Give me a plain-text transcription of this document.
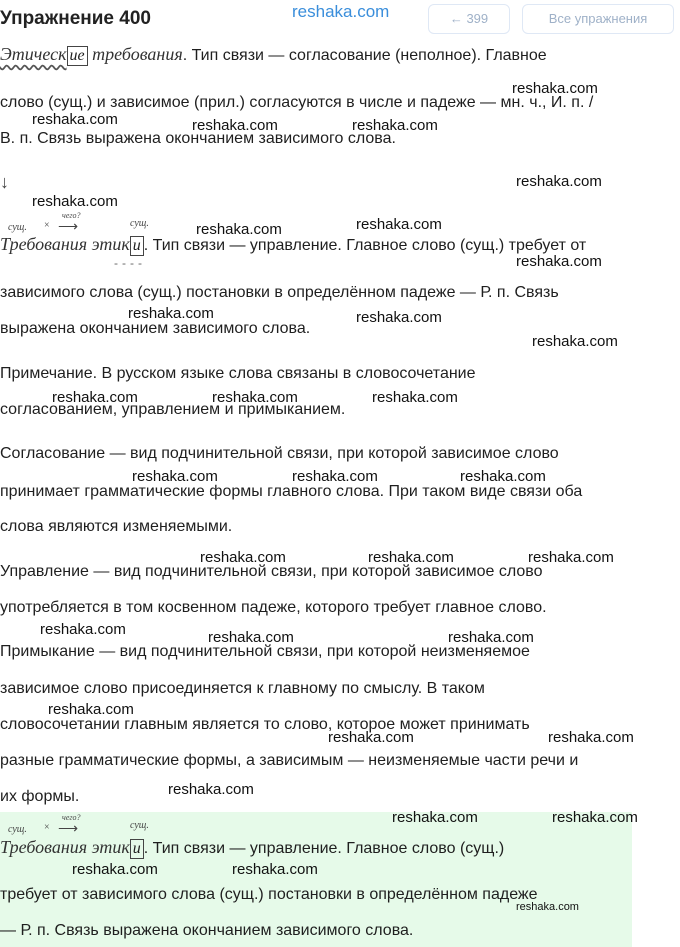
Упражнение 400	reshaka.com	← 399	Все упражнения
Этическ ие требования. Тип связи — согласование (неполное). Главное
слово (сущ.) и зависимое (прил.) согласуются в числе и падеже — мн. ч., И. п. /
В. п. Связь выражена окончанием зависимого слова.
↓
сущ. ×
чего?
⟶	сущ.
Требования этик и . Тип связи — управление. Главное слово (сущ.) требует от
----
зависимого слова (сущ.) постановки в определённом падеже — Р. п. Связь
выражена окончанием зависимого слова.
Примечание. В русском языке слова связаны в словосочетание
согласованием, управлением и примыканием.
Согласование — вид подчинительной связи, при которой зависимое слово
принимает грамматические формы главного слова. При таком виде связи оба
слова являются изменяемыми.
Управление — вид подчинительной связи, при которой зависимое слово
употребляется в том косвенном падеже, которого требует главное слово.
Примыкание — вид подчинительной связи, при которой неизменяемое
зависимое слово присоединяется к главному по смыслу. В таком
словосочетании главным является то слово, которое может принимать
разные грамматические формы, а зависимым — неизменяемые части речи и
их формы.
сущ. ×
чего?
⟶	сущ.
Требования этик и . Тип связи — управление. Главное слово (сущ.)
требует от зависимого слова (сущ.) постановки в определённом падеже
— Р. п. Связь выражена окончанием зависимого слова.
reshaka.com
reshaka.com	reshaka.com	reshaka.com
reshaka.com
reshaka.com
reshaka.com	reshaka.com
reshaka.com
reshaka.com	reshaka.com
reshaka.com
reshaka.com	reshaka.com	reshaka.com
reshaka.com	reshaka.com	reshaka.com
reshaka.com	reshaka.com	reshaka.com
reshaka.com	reshaka.com	reshaka.com
reshaka.com
reshaka.com	reshaka.com
reshaka.com
reshaka.com	reshaka.com
reshaka.com	reshaka.com
reshaka.com
